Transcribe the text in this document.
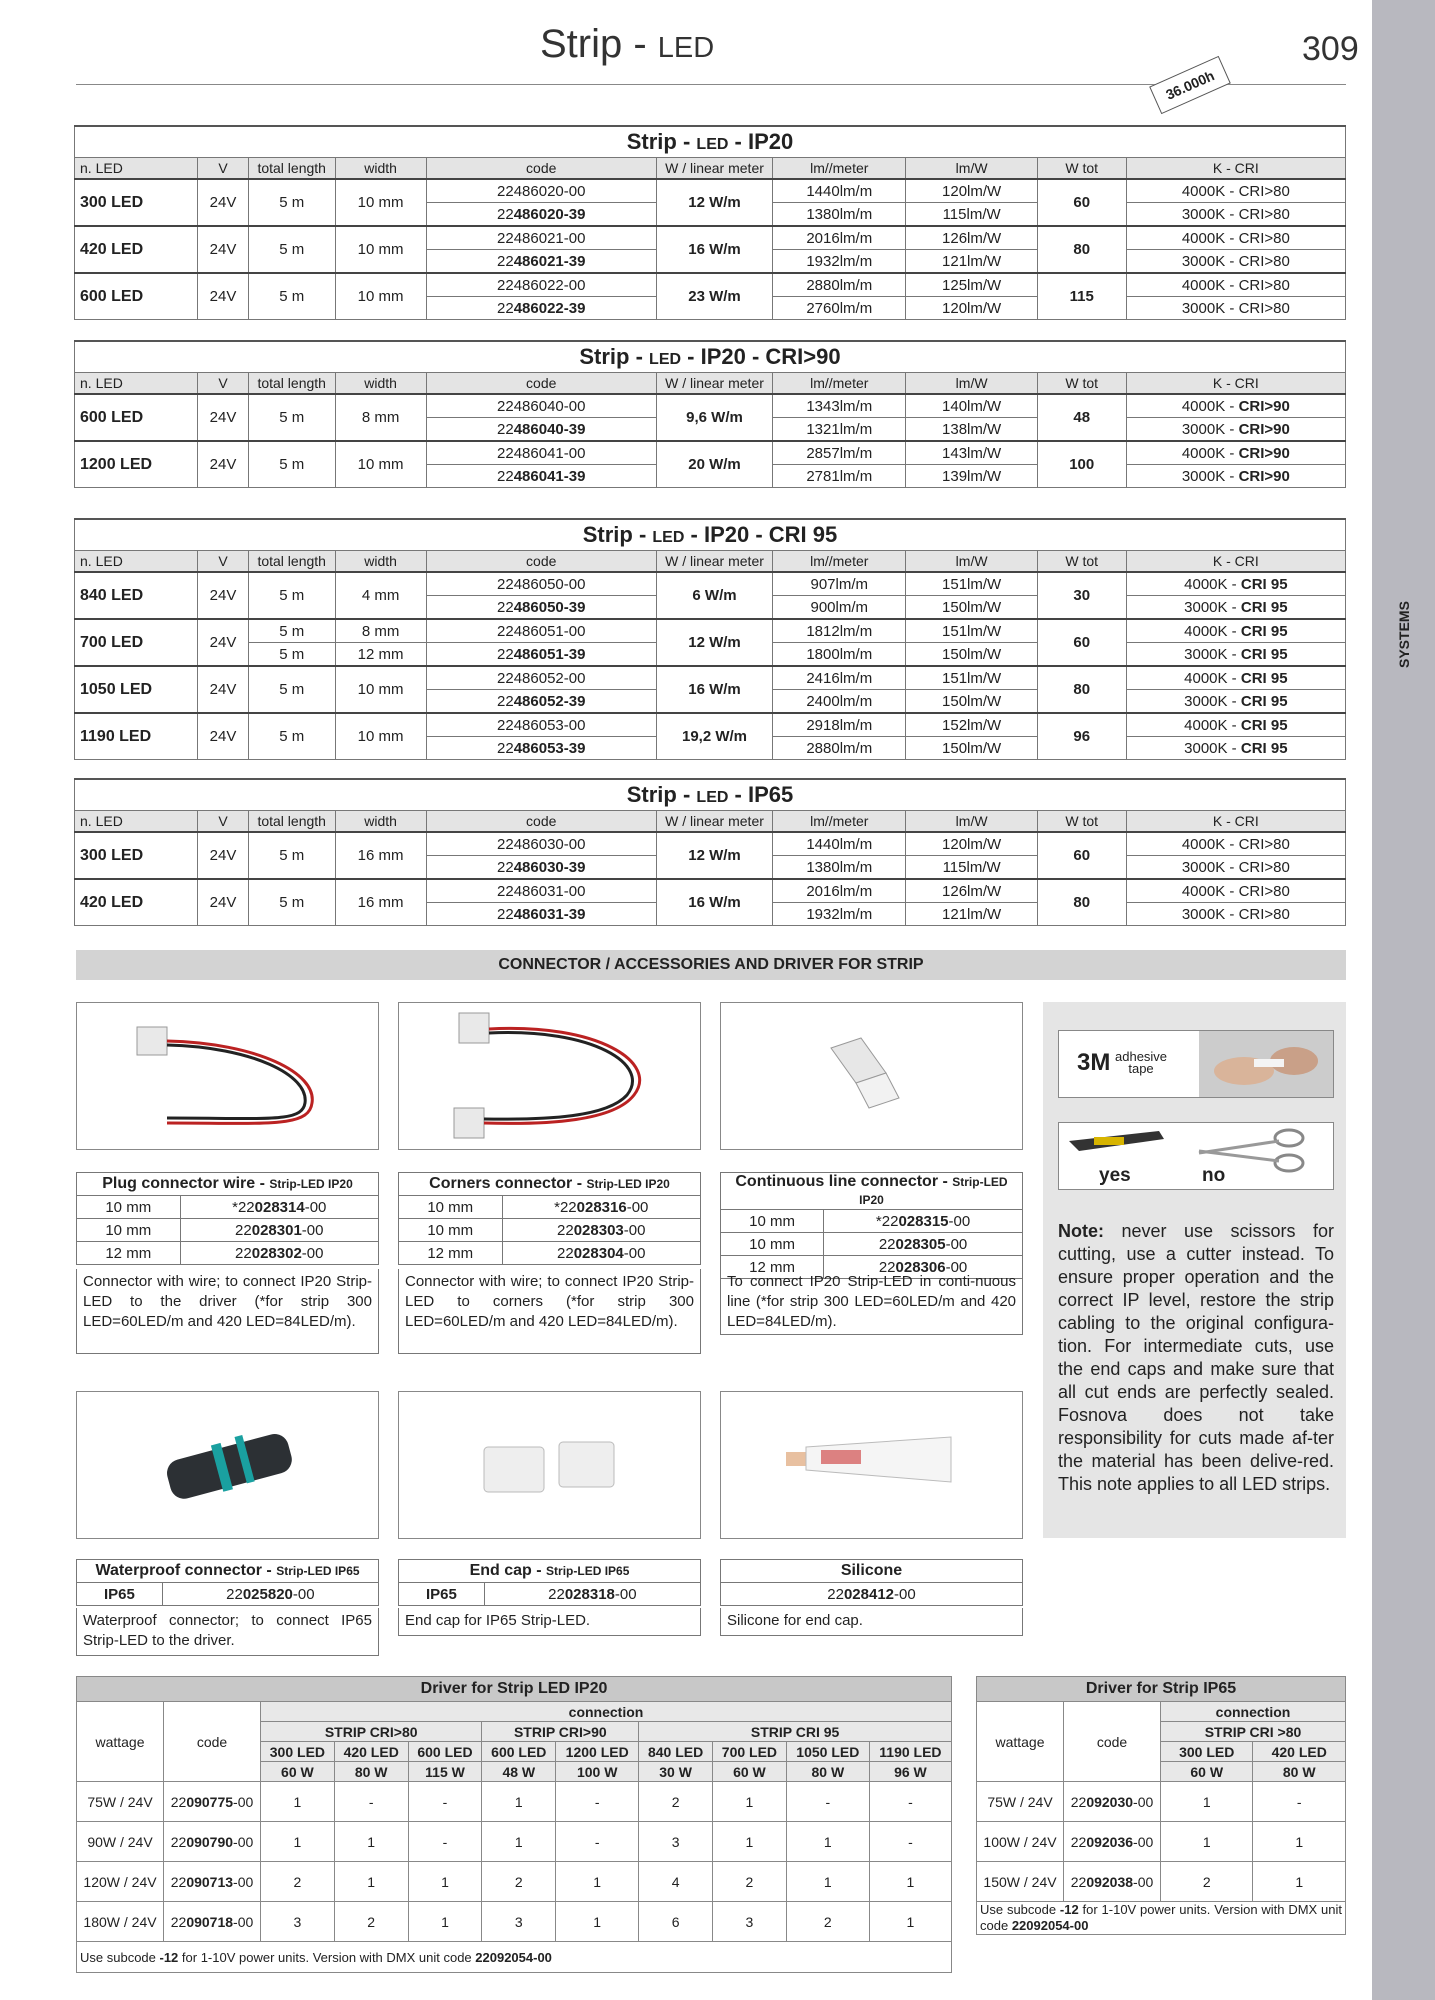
SYSTEMS
Strip - LED	309
36.000h
Strip - LED - IP20									
n. LED	V	total length	width	code	W / linear meter	lm//meter	lm/W	W tot	K - CRI
300 LED	24V	5 m	10 mm	22486020-00	12 W/m	1440lm/m	120lm/W	60	4000K - CRI>80
				22486020-39		1380lm/m	115lm/W		3000K - CRI>80
420 LED	24V	5 m	10 mm	22486021-00	16 W/m	2016lm/m	126lm/W	80	4000K - CRI>80
				22486021-39		1932lm/m	121lm/W		3000K - CRI>80
600 LED	24V	5 m	10 mm	22486022-00	23 W/m	2880lm/m	125lm/W	115	4000K - CRI>80
				22486022-39		2760lm/m	120lm/W		3000K - CRI>80
Strip - LED - IP20 - CRI>90									
n. LED	V	total length	width	code	W / linear meter	lm//meter	lm/W	W tot	K - CRI
600 LED	24V	5 m	8 mm	22486040-00	9,6 W/m	1343lm/m	140lm/W	48	4000K - CRI>90
				22486040-39		1321lm/m	138lm/W		3000K - CRI>90
1200 LED	24V	5 m	10 mm	22486041-00	20 W/m	2857lm/m	143lm/W	100	4000K - CRI>90
				22486041-39		2781lm/m	139lm/W		3000K - CRI>90
Strip - LED - IP20 - CRI 95									
n. LED	V	total length	width	code	W / linear meter	lm//meter	lm/W	W tot	K - CRI
840 LED	24V	5 m	4 mm	22486050-00	6 W/m	907lm/m	151lm/W	30	4000K - CRI 95
				22486050-39		900lm/m	150lm/W		3000K - CRI 95
700 LED	24V	5 m	8 mm	22486051-00	12 W/m	1812lm/m	151lm/W	60	4000K - CRI 95
		5 m	12 mm	22486051-39		1800lm/m	150lm/W		3000K - CRI 95
1050 LED	24V	5 m	10 mm	22486052-00	16 W/m	2416lm/m	151lm/W	80	4000K - CRI 95
				22486052-39		2400lm/m	150lm/W		3000K - CRI 95
1190 LED	24V	5 m	10 mm	22486053-00	19,2 W/m	2918lm/m	152lm/W	96	4000K - CRI 95
				22486053-39		2880lm/m	150lm/W		3000K - CRI 95
Strip - LED - IP65									
n. LED	V	total length	width	code	W / linear meter	lm//meter	lm/W	W tot	K - CRI
300 LED	24V	5 m	16 mm	22486030-00	12 W/m	1440lm/m	120lm/W	60	4000K - CRI>80
				22486030-39		1380lm/m	115lm/W		3000K - CRI>80
420 LED	24V	5 m	16 mm	22486031-00	16 W/m	2016lm/m	126lm/W	80	4000K - CRI>80
				22486031-39		1932lm/m	121lm/W		3000K - CRI>80
CONNECTOR / ACCESSORIES AND DRIVER FOR STRIP
Plug connector wire - Strip-LED IP20	
10 mm	*22028314-00
10 mm	22028301-00
12 mm	22028302-00
Connector with wire; to connect IP20 Strip-LED to the driver (*for strip 300 LED=60LED/m and 420 LED=84LED/m).
Corners connector - Strip-LED IP20	
10 mm	*22028316-00
10 mm	22028303-00
12 mm	22028304-00
Connector with wire; to connect IP20 Strip-LED to corners (*for strip 300 LED=60LED/m and 420 LED=84LED/m).
Continuous line connector - Strip-LED IP20	
10 mm	*22028315-00
10 mm	22028305-00
12 mm	22028306-00
To connect IP20 Strip-LED in conti-nuous line (*for strip 300 LED=60LED/m and 420 LED=84LED/m).
3M adhesive
tape
yes	no
Note: never use scissors for cutting, use a cutter instead. To ensure proper operation and the correct IP level, restore the strip cabling to the original configura-tion. For intermediate cuts, use the end caps and make sure that all cut ends are perfectly sealed. Fosnova does not take responsibility for cuts made af-ter the material has been delive-red. This note applies to all LED strips.
Waterproof connector - Strip-LED IP65
IP65	22025820-00
Waterproof connector; to connect IP65 Strip-LED to the driver.
End cap - Strip-LED IP65
IP65	22028318-00
End cap for IP65 Strip-LED.
Silicone
22028412-00
Silicone for end cap.
Driver for Strip LED IP20										
wattage	code	connection								
		STRIP CRI>80			STRIP CRI>90		STRIP CRI 95			
		300 LED	420 LED	600 LED	600 LED	1200 LED	840 LED	700 LED	1050 LED	1190 LED
		60 W	80 W	115 W	48 W	100 W	30 W	60 W	80 W	96 W
75W / 24V	22090775-00	1	-	-	1	-	2	1	-	-
90W / 24V	22090790-00	1	1	-	1	-	3	1	1	-
120W / 24V	22090713-00	2	1	1	2	1	4	2	1	1
180W / 24V	22090718-00	3	2	1	3	1	6	3	2	1
Use subcode -12 for 1-10V power units. Version with DMX unit code 22092054-00										
Driver for Strip IP65			
wattage	code	connection	
		STRIP CRI >80	
		300 LED	420 LED
		60 W	80 W
75W / 24V	22092030-00	1	-
100W / 24V	22092036-00	1	1
150W / 24V	22092038-00	2	1
Use subcode -12 for 1-10V power units. Version with DMX unit code 22092054-00			
